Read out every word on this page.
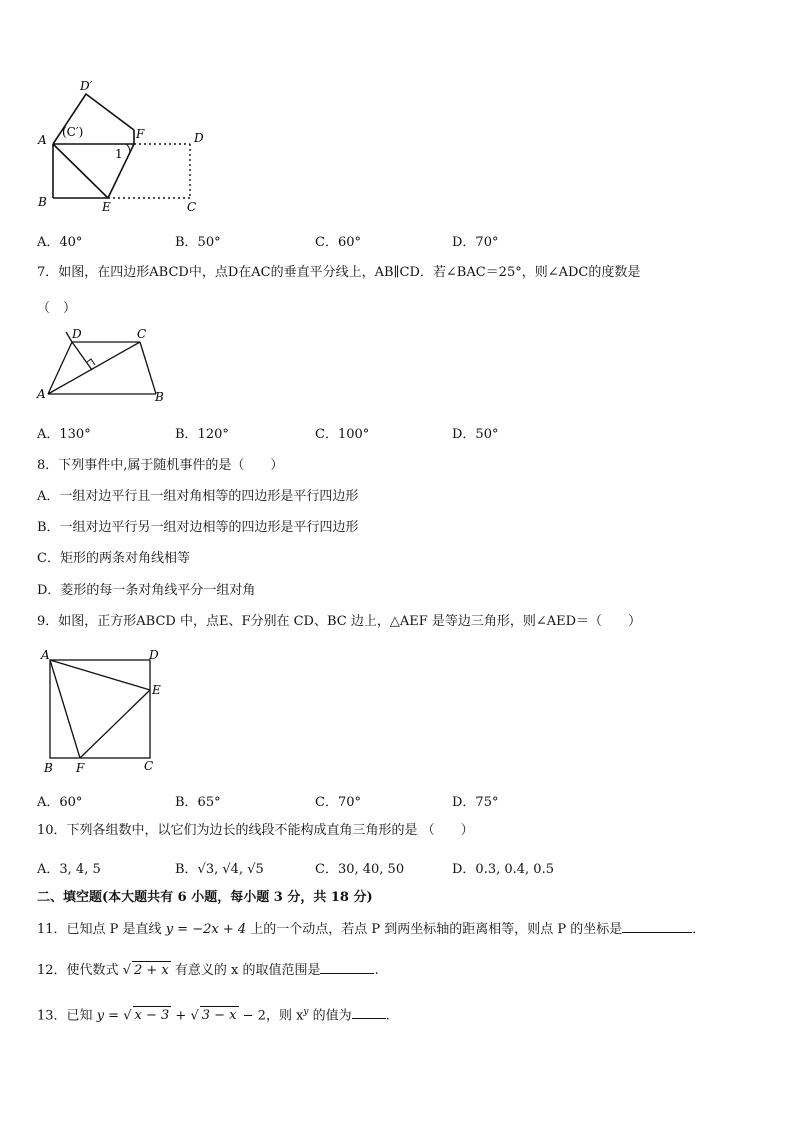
D′
A
(C′)	F	D
1
B	E	C
A．40°	B．50°	C．60°	D．70°
7．如图，在四边形ABCD中，点D在AC的垂直平分线上，AB∥CD．若∠BAC＝25°，则∠ADC的度数是
（　）
D	C
A	B
A．130°	B．120°	C．100°	D．50°
8．下列事件中,属于随机事件的是（　　）
A．一组对边平行且一组对角相等的四边形是平行四边形
B．一组对边平行另一组对边相等的四边形是平行四边形
C．矩形的两条对角线相等
D．菱形的每一条对角线平分一组对角
9．如图，正方形ABCD 中，点E、F分别在 CD、BC 边上，△AEF 是等边三角形，则∠AED＝（　　）
A	D
E
B F	C
A．60°	B．65°	C．70°	D．75°
10．下列各组数中，以它们为边长的线段不能构成直角三角形的是 （　　）
A．3, 4, 5	B．√3, √4, √5	C．30, 40, 50	D．0.3, 0.4, 0.5
二、填空题(本大题共有 6 小题，每小题 3 分，共 18 分)
11．已知点 P 是直线 y = −2x + 4 上的一个动点，若点 P 到两坐标轴的距离相等，则点 P 的坐标是	．
12．使代数式 √ 2 + x 有意义的 x 的取值范围是	.
13．已知 y = √ x − 3 + √ 3 − x − 2，则 $x^y$ 的值为	.
